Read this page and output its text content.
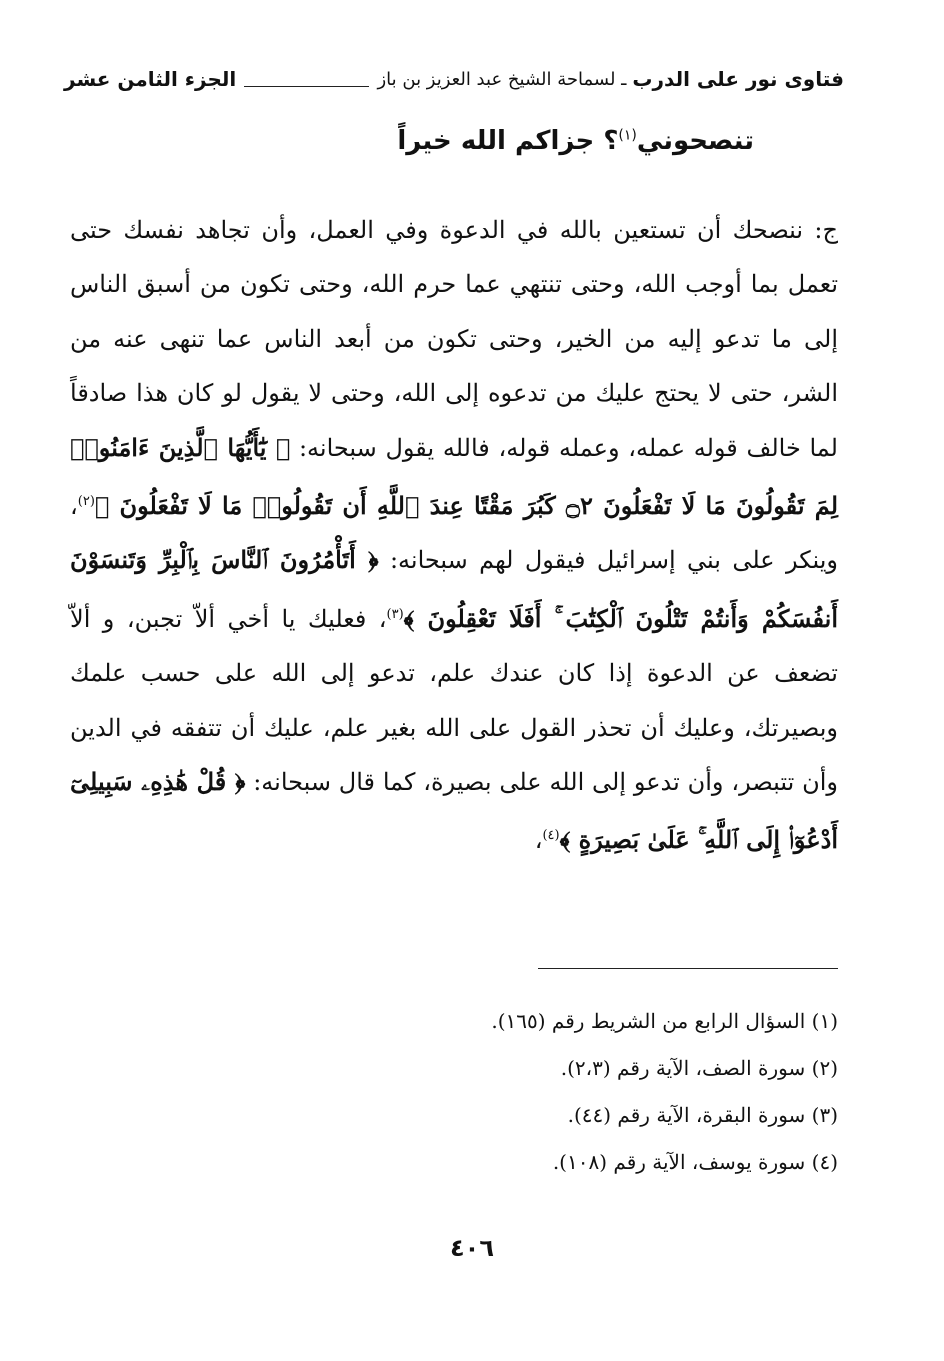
فتاوى نور على الدرب
ـ لسماحة الشيخ عبد العزيز بن باز
الجزء الثامن عشر
تنصحوني$^{(١)}$؟ جزاكم الله خيراً

ج: ننصحك أن تستعين بالله في الدعوة وفي العمل، وأن تجاهد نفسك حتى تعمل بما أوجب الله، وحتى تنتهي عما حرم الله، وحتى تكون من أسبق الناس إلى ما تدعو إليه من الخير، وحتى تكون من أبعد الناس عما تنهى عنه من الشر، حتى لا يحتج عليك من تدعوه إلى الله، وحتى لا يقول لو كان هذا صادقاً لما خالف قوله عمله، وعمله قوله، فالله يقول سبحانه: ﴿ يَٰٓأَيُّهَا ٱلَّذِينَ ءَامَنُوا۟ لِمَ تَقُولُونَ مَا لَا تَفْعَلُونَ ۝٢ كَبُرَ مَقْتًا عِندَ ٱللَّهِ أَن تَقُولُوا۟ مَا لَا تَفْعَلُونَ ﴾$^{(٢)}$، وينكر على بني إسرائيل فيقول لهم سبحانه: ﴿ أَتَأْمُرُونَ ٱلنَّاسَ بِٱلْبِرِّ وَتَنسَوْنَ أَنفُسَكُمْ وَأَنتُمْ تَتْلُونَ ٱلْكِتَٰبَ ۚ أَفَلَا تَعْقِلُونَ ﴾$^{(٣)}$، فعليك يا أخي ألاّ تجبن، و ألاّ تضعف عن الدعوة إذا كان عندك علم، تدعو إلى الله على حسب علمك وبصيرتك، وعليك أن تحذر القول على الله بغير علم، عليك أن تتفقه في الدين وأن تتبصر، وأن تدعو إلى الله على بصيرة، كما قال سبحانه: ﴿ قُلْ هَٰذِهِۦ سَبِيلِىٓ أَدْعُوٓا۟ إِلَى ٱللَّهِ ۚ عَلَىٰ بَصِيرَةٍ ﴾$^{(٤)}$،

(١) السؤال الرابع من الشريط رقم (١٦٥).
(٢) سورة الصف، الآية رقم (٢،٣).
(٣) سورة البقرة، الآية رقم (٤٤).
(٤) سورة يوسف، الآية رقم (١٠٨).
٤٠٦
